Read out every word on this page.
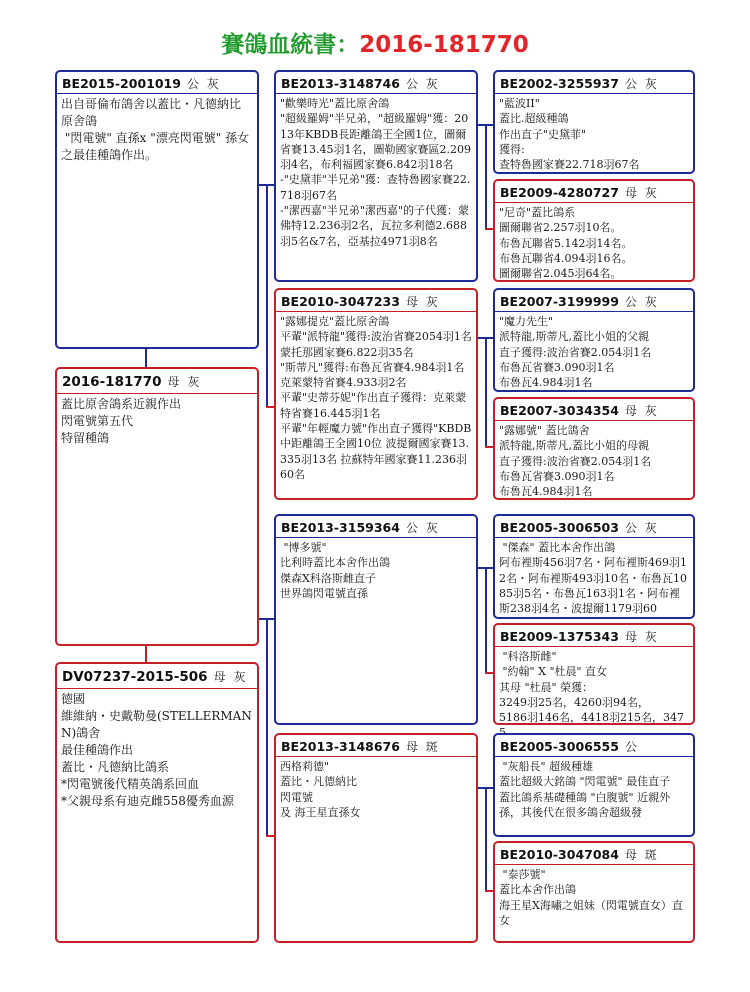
賽鴿血統書：2016-181770
2016-181770 母 灰
蓋比原舍鴿系近親作出
閃電號第五代
特留種鴿
BE2015-2001019 公 灰
出自哥倫布鴿舍以蓋比・凡德納比 原舍鴿
"閃電號" 直孫x "漂亮閃電號" 孫女之最佳種鴿作出。
DV07237-2015-506 母 灰
德國
維維納・史戴勒曼(STELLERMAN N)鴿舍
最佳種鴿作出
蓋比・凡德納比鴿系
*閃電號後代精英鴿系回血
*父親母系有迪克雌558優秀血源
BE2013-3148746 公 灰
"歡樂時光"蓋比原舍鴿
"超級羅姆"半兄弟，"超級羅姆"獲：2013年KBDB長距離鴿王全國1位，圖爾省賽13.45羽1名，圖勒國家賽區2.209羽4名，布利福國家賽6.842羽18名
-"史黛菲"半兄弟"獲：查特魯國家賽22.718羽67名
-"潔西嘉"半兄弟"潔西嘉"的子代獲：蒙佛特12.236羽2名，瓦拉多利德2.688羽5名&7名，亞基拉4971羽8名
BE2010-3047233 母 灰
"露娜提克"蓋比原舍鴿
平輩"派特龍"獲得:波治省賽2054羽1名蒙托那國家賽6.822羽35名
"斯蒂凡"獲得:布魯瓦省賽4.984羽1名克萊蒙特省賽4.933羽2名
平輩"史蒂芬妮"作出直子獲得：克萊蒙特省賽16.445羽1名
平輩"年輕魔力號"作出直子獲得"KBDB中距離鴿王全國10位 波提爾國家賽13.335羽13名 拉蘇特年國家賽11.236羽60名
BE2013-3159364 公 灰
"博多號"
比利時蓋比本舍作出鴿
傑森X科洛斯雌直子
世界鴿閃電號直孫
BE2013-3148676 母 斑
西格莉德"
蓋比・凡德納比
閃電號
及 海王星直孫女
BE2002-3255937 公 灰
"藍波II"
蓋比.超級種鴿
作出直子"史黛菲"
獲得:
查特魯國家賽22.718羽67名
BE2009-4280727 母 灰
"尼奇"蓋比鴿系
圖爾聯省2.257羽10名。
布魯瓦聯省5.142羽14名。
布魯瓦聯省4.094羽16名。
圖爾聯省2.045羽64名。
BE2007-3199999 公 灰
"魔力先生"
派特龍,斯蒂凡,蓋比小姐的父親
直子獲得:波治省賽2.054羽1名
布魯瓦省賽3.090羽1名
布魯瓦4.984羽1名
BE2007-3034354 母 灰
"露娜號" 蓋比鴿舍
派特龍,斯蒂凡,蓋比小姐的母親
直子獲得:波治省賽2.054羽1名
布魯瓦省賽3.090羽1名
布魯瓦4.984羽1名
BE2005-3006503 公 灰
"傑森" 蓋比本舍作出鴿
阿布裡斯456羽7名・阿布裡斯469羽12名・阿布裡斯493羽10名・布魯瓦1085羽5名・布魯瓦163羽1名・阿布裡斯238羽4名・波提爾1179羽60
BE2009-1375343 母 灰
"科洛斯雌"
"約翰" X "杜晨" 直女
其母 "杜晨" 榮獲：
3249羽25名，4260羽94名，
5186羽146名，4418羽215名，347
BE2005-3006555 公
"灰船長" 超級種雄
蓋比超級大銘鴿 "閃電號" 最佳直子
蓋比鴿系基礎種鴿 "白腹號" 近親外孫，其後代在很多鴿舍超級發
BE2010-3047084 母 斑
"泰莎號"
蓋比本舍作出鴿
海王星X海嘯之姐妹（閃電號直女）直女
